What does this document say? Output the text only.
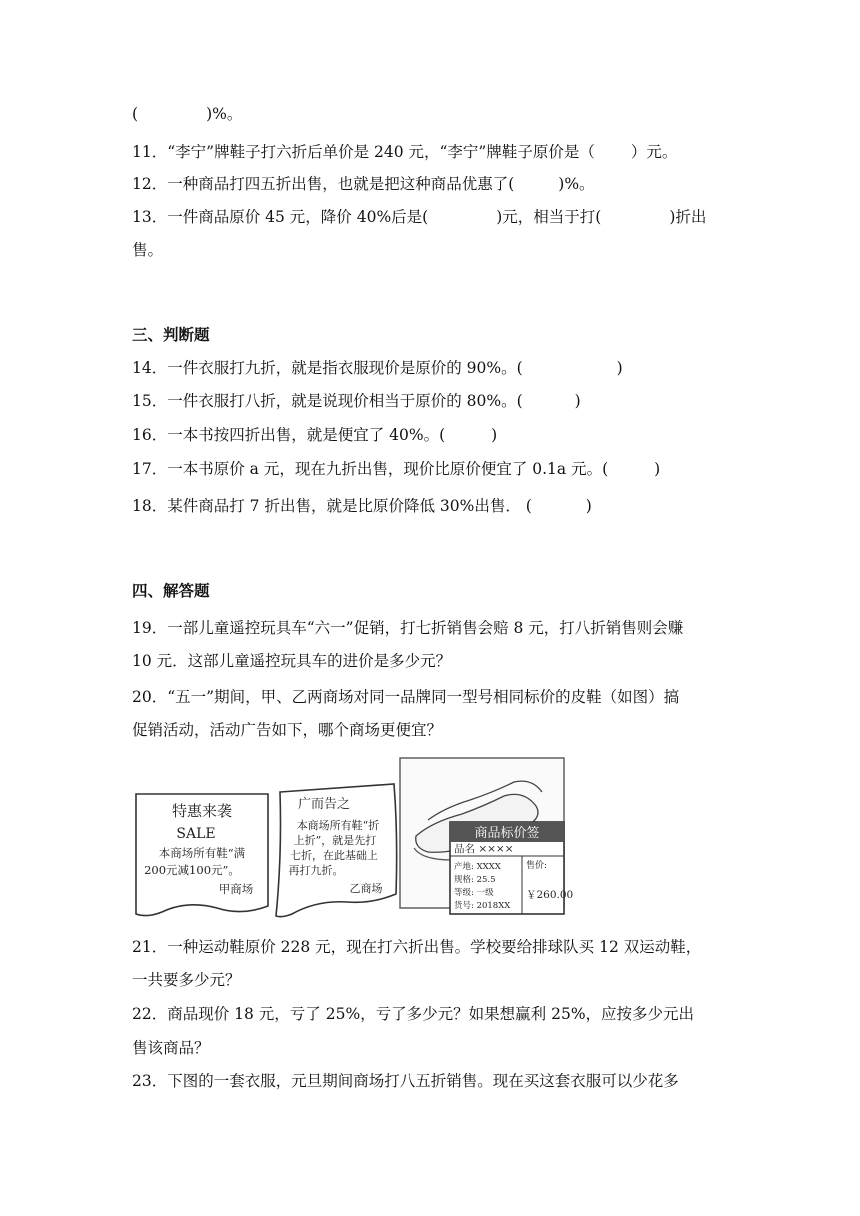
(	)%。
11．“李宁”牌鞋子打六折后单价是 240 元，“李宁”牌鞋子原价是（ ）元。
12．一种商品打四五折出售，也就是把这种商品优惠了(	)%。
13．一件商品原价 45 元，降价 40%后是(	)元，相当于打(	)折出
售。
三、判断题
14．一件衣服打九折，就是指衣服现价是原价的 90%。(	)
15．一件衣服打八折，就是说现价相当于原价的 80%。(	)
16．一本书按四折出售，就是便宜了 40%。(	)
17．一本书原价 a 元，现在九折出售，现价比原价便宜了 0.1a 元。(	)
18．某件商品打 7 折出售，就是比原价降低 30%出售． (	)
四、解答题
19．一部儿童遥控玩具车“六一”促销，打七折销售会赔 8 元，打八折销售则会赚
10 元．这部儿童遥控玩具车的进价是多少元？
20．“五一”期间，甲、乙两商场对同一品牌同一型号相同标价的皮鞋（如图）搞
促销活动，活动广告如下，哪个商场更便宜？
特惠来袭
SALE
本商场所有鞋“满
200元减100元”。
甲商场
广而告之
本商场所有鞋“折
上折”，就是先打
七折，在此基础上
再打九折。
乙商场
商品标价签
品名 ××××
产地: XXXX
规格: 25.5
等级: 一级
货号: 2018XX
售价:
￥260.00
21．一种运动鞋原价 228 元，现在打六折出售。学校要给排球队买 12 双运动鞋，
一共要多少元？
22．商品现价 18 元，亏了 25%，亏了多少元？如果想赢利 25%，应按多少元出
售该商品？
23．下图的一套衣服，元旦期间商场打八五折销售。现在买这套衣服可以少花多
